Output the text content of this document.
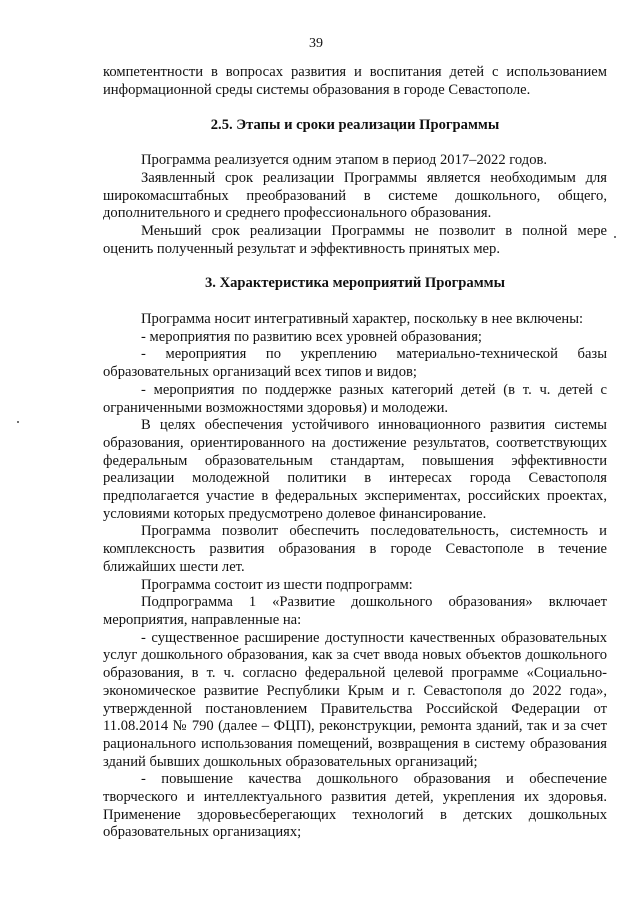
39

компетентности в вопросах развития и воспитания детей с использованием информационной среды системы образования в городе Севастополе.

2.5. Этапы и сроки реализации Программы

Программа реализуется одним этапом в период 2017–2022 годов.

Заявленный срок реализации Программы является необходимым для широкомасштабных преобразований в системе дошкольного, общего, дополнительного и среднего профессионального образования.

Меньший срок реализации Программы не позволит в полной мере оценить полученный результат и эффективность принятых мер.

3. Характеристика мероприятий Программы

Программа носит интегративный характер, поскольку в нее включены:

- мероприятия по развитию всех уровней образования;

- мероприятия по укреплению материально-технической базы образовательных организаций всех типов и видов;

- мероприятия по поддержке разных категорий детей (в т. ч. детей с ограниченными возможностями здоровья) и молодежи.

В целях обеспечения устойчивого инновационного развития системы образования, ориентированного на достижение результатов, соответствующих федеральным образовательным стандартам, повышения эффективности реализации молодежной политики в интересах города Севастополя предполагается участие в федеральных экспериментах, российских проектах, условиями которых предусмотрено долевое финансирование.

Программа позволит обеспечить последовательность, системность и комплексность развития образования в городе Севастополе в течение ближайших шести лет.

Программа состоит из шести подпрограмм:

Подпрограмма 1 «Развитие дошкольного образования» включает мероприятия, направленные на:

- существенное расширение доступности качественных образовательных услуг дошкольного образования, как за счет ввода новых объектов дошкольного образования, в т. ч. согласно федеральной целевой программе «Социально-экономическое развитие Республики Крым и г. Севастополя до 2022 года», утвержденной постановлением Правительства Российской Федерации от 11.08.2014 № 790 (далее – ФЦП), реконструкции, ремонта зданий, так и за счет рационального использования помещений, возвращения в систему образования зданий бывших дошкольных образовательных организаций;

- повышение качества дошкольного образования и обеспечение творческого и интеллектуального развития детей, укрепления их здоровья. Применение здоровьесберегающих технологий в детских дошкольных образовательных организациях;
